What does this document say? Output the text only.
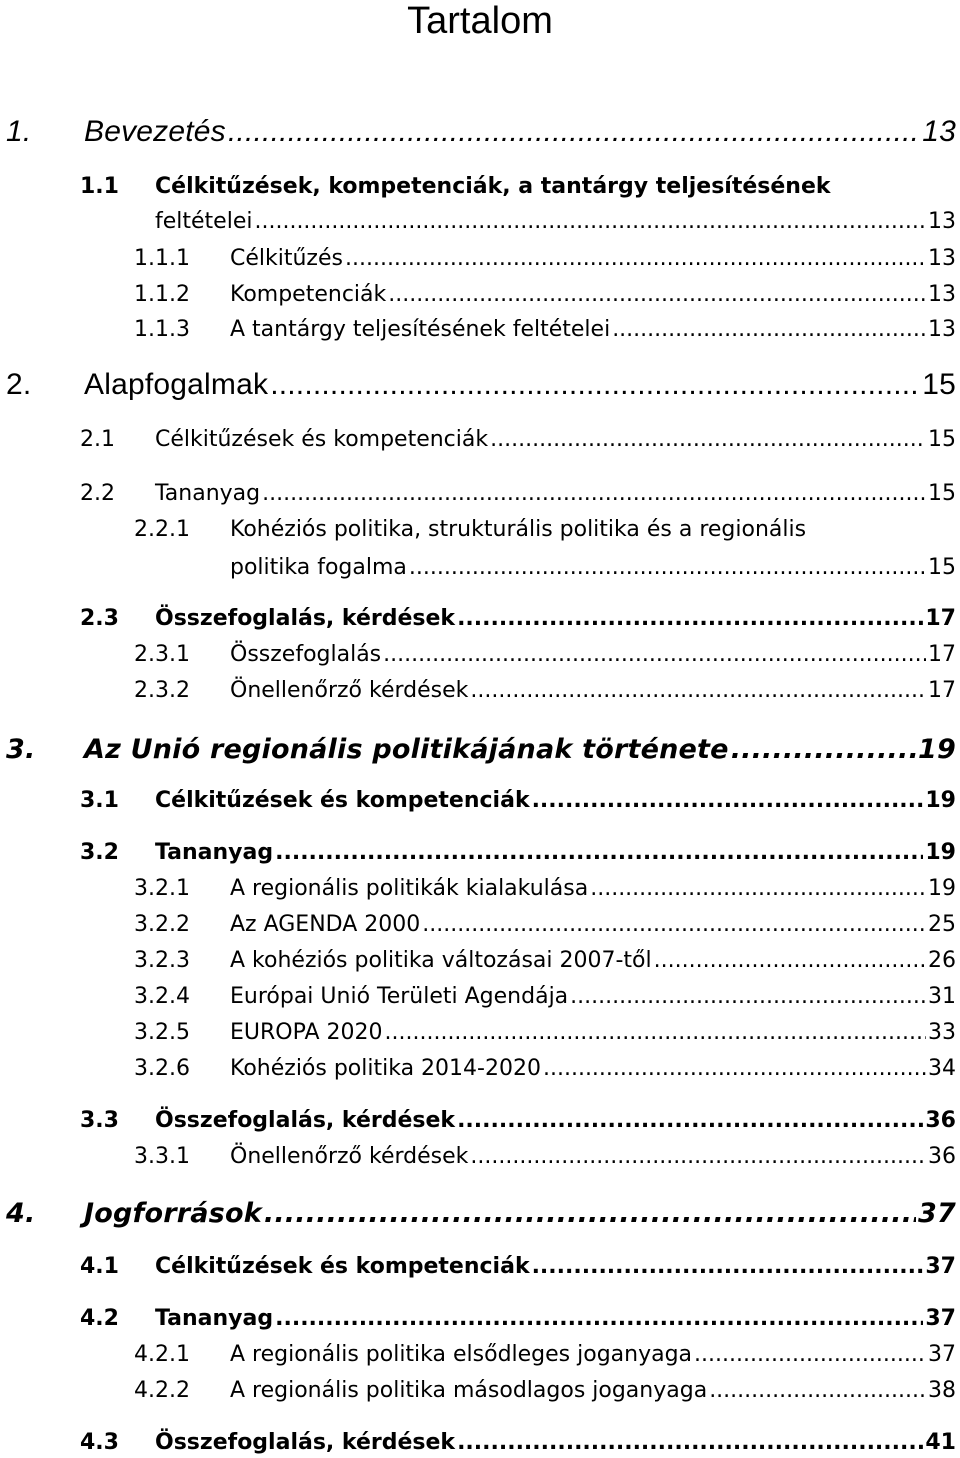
Tartalom
1.	Bevezetés .....	13
1.1	Célkitűzések, kompetenciák, a tantárgy teljesítésének
feltételei .....	13
1.1.1	Célkitűzés .....	13
1.1.2	Kompetenciák .....	13
1.1.3	A tantárgy teljesítésének feltételei .....	13
2.	Alapfogalmak .....	15
2.1	Célkitűzések és kompetenciák .....	15
2.2	Tananyag .....	15
2.2.1	Kohéziós politika, strukturális politika és a regionális
politika fogalma .....	15
2.3	Összefoglalás, kérdések .....	17
2.3.1	Összefoglalás .....	17
2.3.2	Önellenőrző kérdések .....	17
3.	Az Unió regionális politikájának története .....	19
3.1	Célkitűzések és kompetenciák .....	19
3.2	Tananyag .....	19
3.2.1	A regionális politikák kialakulása .....	19
3.2.2	Az AGENDA 2000 .....	25
3.2.3	A kohéziós politika változásai 2007-től .....	26
3.2.4	Európai Unió Területi Agendája .....	31
3.2.5	EUROPA 2020 .....	33
3.2.6	Kohéziós politika 2014-2020 .....	34
3.3	Összefoglalás, kérdések .....	36
3.3.1	Önellenőrző kérdések .....	36
4.	Jogforrások .....	37
4.1	Célkitűzések és kompetenciák .....	37
4.2	Tananyag .....	37
4.2.1	A regionális politika elsődleges joganyaga .....	37
4.2.2	A regionális politika másodlagos joganyaga .....	38
4.3	Összefoglalás, kérdések .....	41
